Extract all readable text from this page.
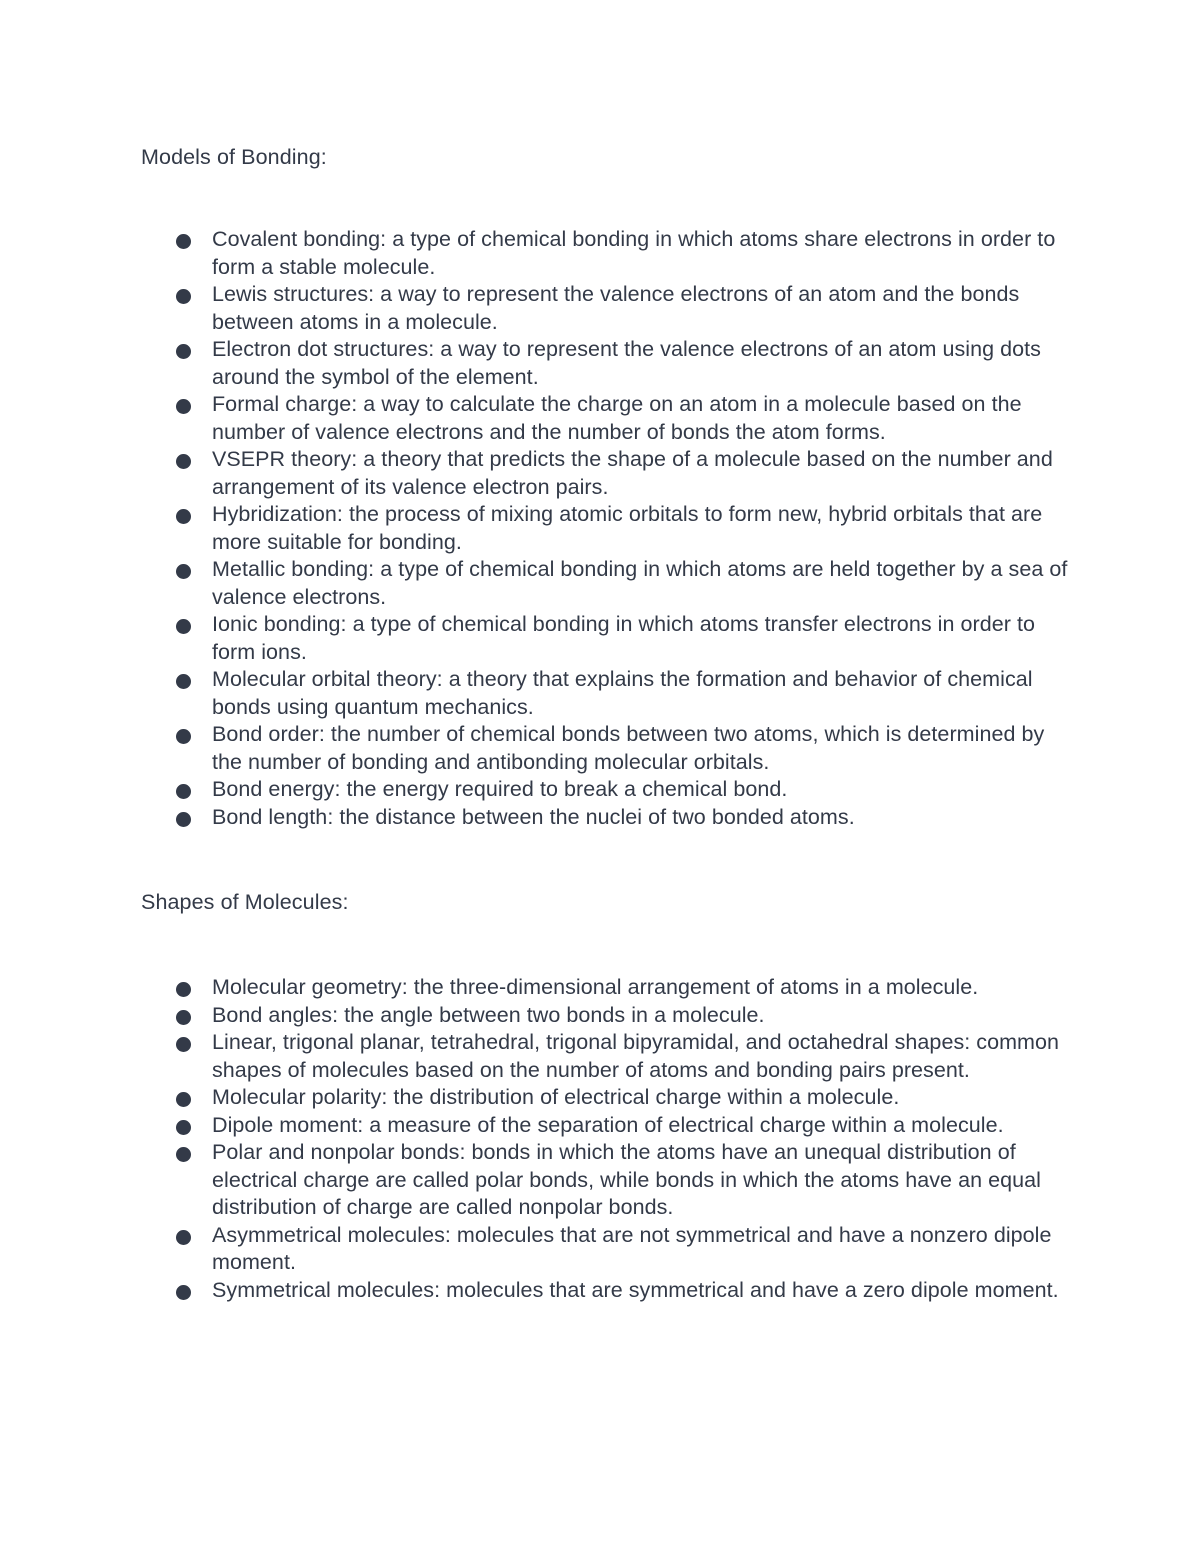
Models of Bonding:
Covalent bonding: a type of chemical bonding in which atoms share electrons in order to form a stable molecule.
Lewis structures: a way to represent the valence electrons of an atom and the bonds between atoms in a molecule.
Electron dot structures: a way to represent the valence electrons of an atom using dots around the symbol of the element.
Formal charge: a way to calculate the charge on an atom in a molecule based on the number of valence electrons and the number of bonds the atom forms.
VSEPR theory: a theory that predicts the shape of a molecule based on the number and arrangement of its valence electron pairs.
Hybridization: the process of mixing atomic orbitals to form new, hybrid orbitals that are more suitable for bonding.
Metallic bonding: a type of chemical bonding in which atoms are held together by a sea of valence electrons.
Ionic bonding: a type of chemical bonding in which atoms transfer electrons in order to form ions.
Molecular orbital theory: a theory that explains the formation and behavior of chemical bonds using quantum mechanics.
Bond order: the number of chemical bonds between two atoms, which is determined by the number of bonding and antibonding molecular orbitals.
Bond energy: the energy required to break a chemical bond.
Bond length: the distance between the nuclei of two bonded atoms.
Shapes of Molecules:
Molecular geometry: the three-dimensional arrangement of atoms in a molecule.
Bond angles: the angle between two bonds in a molecule.
Linear, trigonal planar, tetrahedral, trigonal bipyramidal, and octahedral shapes: common shapes of molecules based on the number of atoms and bonding pairs present.
Molecular polarity: the distribution of electrical charge within a molecule.
Dipole moment: a measure of the separation of electrical charge within a molecule.
Polar and nonpolar bonds: bonds in which the atoms have an unequal distribution of electrical charge are called polar bonds, while bonds in which the atoms have an equal distribution of charge are called nonpolar bonds.
Asymmetrical molecules: molecules that are not symmetrical and have a nonzero dipole moment.
Symmetrical molecules: molecules that are symmetrical and have a zero dipole moment.
